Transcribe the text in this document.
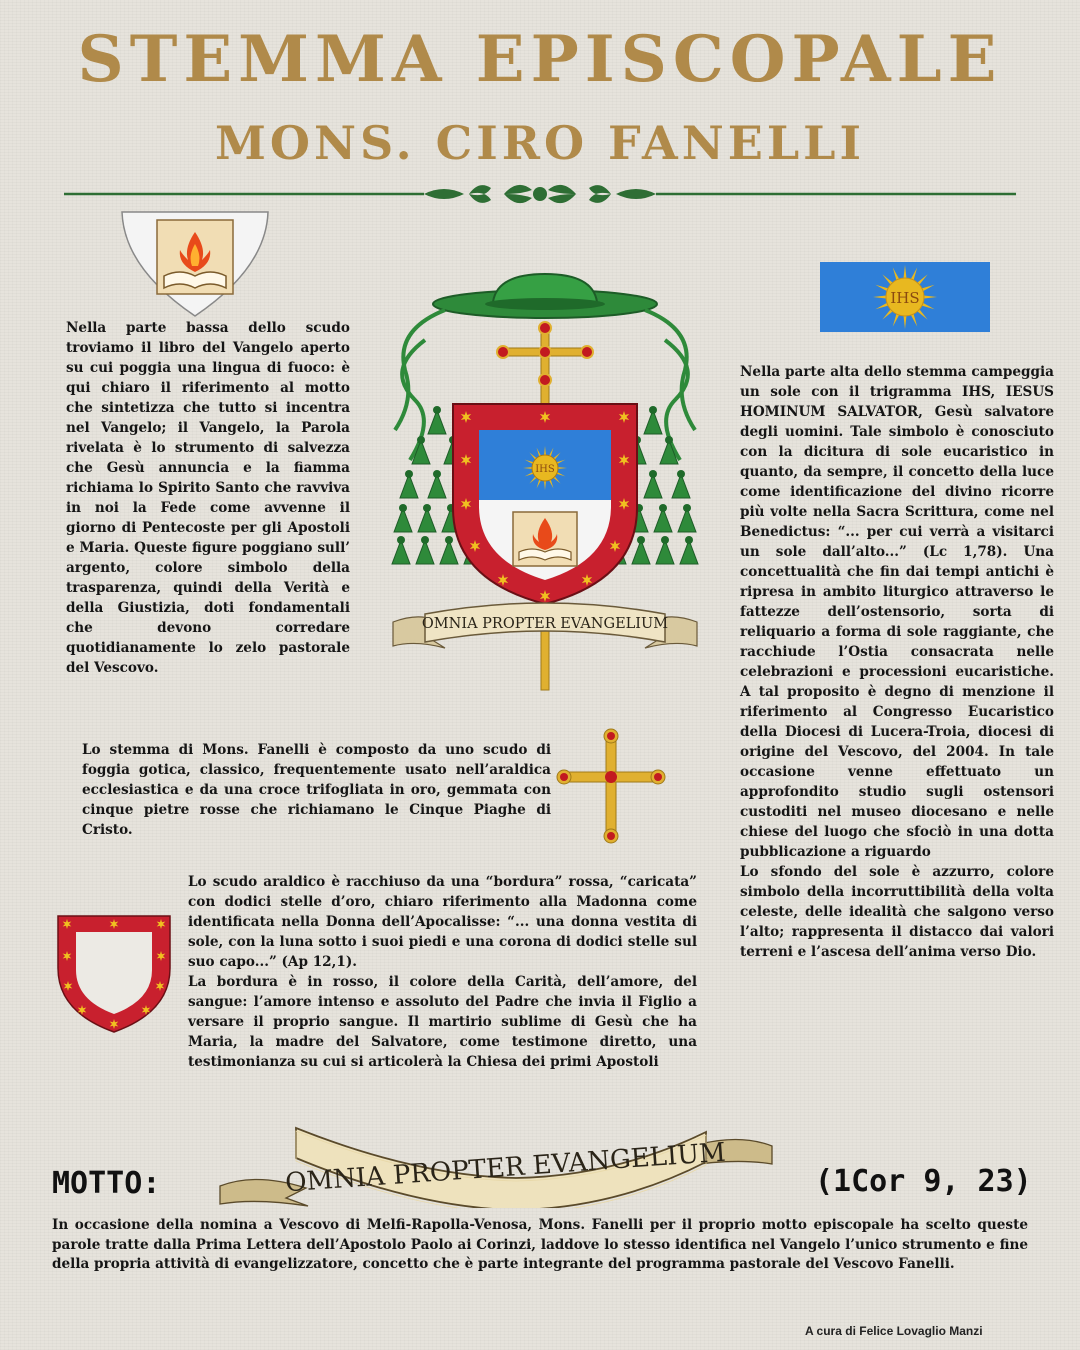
STEMMA EPISCOPALE
MONS. CIRO FANELLI
IHS
IHS
OMNIA PROPTER EVANGELIUM
Nella parte bassa dello scudo troviamo il libro del Vangelo aperto su cui poggia una lingua di fuoco: è qui chiaro il riferimento al motto che sintetizza che tutto si incentra nel Vangelo; il Vangelo, la Parola rivelata è lo strumento di salvezza che Gesù annuncia e la fiamma richiama lo Spirito Santo che ravviva in noi la Fede come avvenne il giorno di Pentecoste per gli Apostoli e Maria. Queste figure poggiano sull’ argento, colore simbolo della trasparenza, quindi della Verità e della Giustizia, doti fondamentali che devono corredare quotidianamente lo zelo pastorale del Vescovo.
Nella parte alta dello stemma campeggia un sole con il trigramma IHS, IESUS HOMINUM SALVATOR, Gesù salvatore degli uomini. Tale simbolo è conosciuto con la dicitura di sole eucaristico in quanto, da sempre, il concetto della luce come identificazione del divino ricorre più volte nella Sacra Scrittura, come nel Benedictus: “... per cui verrà a visitarci un sole dall’alto...” (Lc 1,78). Una concettualità che fin dai tempi antichi è ripresa in ambito liturgico attraverso le fattezze dell’ostensorio, sorta di reliquario a forma di sole raggiante, che racchiude l’Ostia consacrata nelle celebrazioni e processioni eucaristiche. A tal proposito è degno di menzione il riferimento al Congresso Eucaristico della Diocesi di Lucera-Troia, diocesi di origine del Vescovo, del 2004. In tale occasione venne effettuato un approfondito studio sugli ostensori custoditi nel museo diocesano e nelle chiese del luogo che sfociò in una dotta pubblicazione a riguardo
Lo sfondo del sole è azzurro, colore simbolo della incorruttibilità della volta celeste, delle idealità che salgono verso l’alto; rappresenta il distacco dai valori terreni e l’ascesa dell’anima verso Dio.
Lo stemma di Mons. Fanelli è composto da uno scudo di foggia gotica, classico, frequentemente usato nell’araldica ecclesiastica e da una croce trifogliata in oro, gemmata con cinque pietre rosse che richiamano le Cinque Piaghe di Cristo.
Lo scudo araldico è racchiuso da una “bordura” rossa, “caricata” con dodici stelle d’oro, chiaro riferimento alla Madonna come identificata nella Donna dell’Apocalisse: “... una donna vestita di sole, con la luna sotto i suoi piedi e una corona di dodici stelle sul suo capo...” (Ap 12,1).
La bordura è in rosso, il colore della Carità, dell’amore, del sangue: l’amore intenso e assoluto del Padre che invia il Figlio a versare il proprio sangue. Il martirio sublime di Gesù che ha Maria, la madre del Salvatore, come testimone diretto, una testimonianza su cui si articolerà la Chiesa dei primi Apostoli
MOTTO:	OMNIA PROPTER EVANGELIUM	(1Cor 9, 23)
In occasione della nomina a Vescovo di Melfi-Rapolla-Venosa, Mons. Fanelli per il proprio motto episcopale ha scelto queste parole tratte dalla Prima Lettera dell’Apostolo Paolo ai Corinzi, laddove lo stesso identifica nel Vangelo l’unico strumento e fine della propria attività di evangelizzatore, concetto che è parte integrante del programma pastorale del Vescovo Fanelli.
A cura di Felice Lovaglio Manzi
